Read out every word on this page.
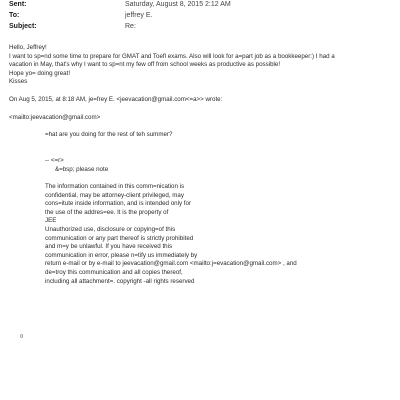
Sent:	Saturday, August 8, 2015 2:12 AM
To:	jeffrey E.
Subject:	Re:
Hello, Jeffrey!
I want to sp=nd some time to prepare for GMAT and Toefl exams. Also will look for a=part job as a bookkeeper:) I had a
vacation in May, that's why I want to sp=nt my few off from school weeks as productive as possible!
Hope yo= doing great!
Kisses
On Aug 5, 2015, at 8:18 AM, je=frey E. <jeevacation@gmail.com<=a>> wrote:
<mailto:jeevacation@gmail.com>
=hat are you doing for the rest of teh summer?
-- <=r>
&=bsp; please note
The information contained in this comm=nication is
confidential, may be attorney-client privileged, may
cons=itute inside information, and is intended only for
the use of the addres=ee. It is the property of
JEE
Unauthorized use, disclosure or copying=of this
communication or any part thereof is strictly prohibited
and m=y be unlawful. If you have received this
communication in error, please n=tify us immediately by
return e-mail or by e-mail to jeevacation@gmail.com <mailto:j=evacation@gmail.com> , and
de=troy this communication and all copies thereof,
including all attachment=. copyright -all rights reserved
¤
